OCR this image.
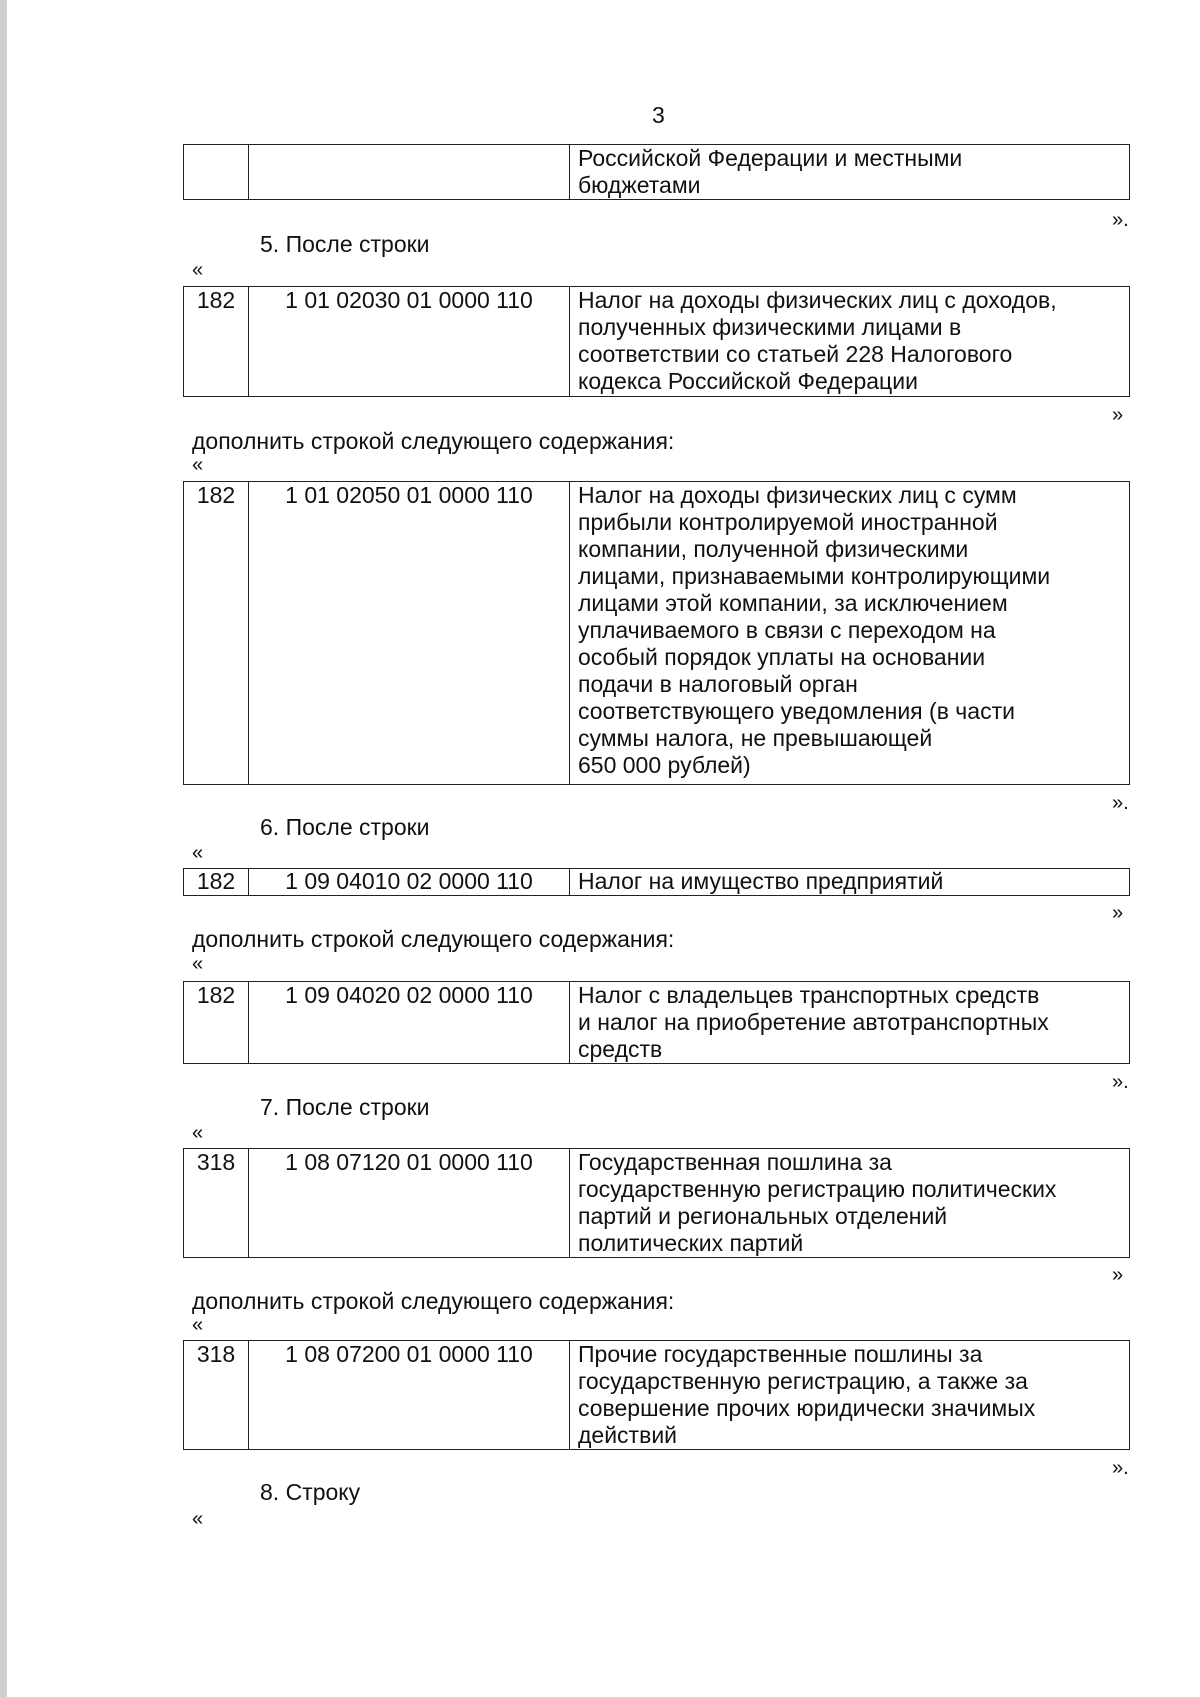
3
		Российской Федерации и местными
бюджетами
».
5. После строки
«
182	1 01 02030 01 0000 110	Налог на доходы физических лиц с доходов,
полученных физическими лицами в
соответствии со статьей 228 Налогового
кодекса Российской Федерации
»
дополнить строкой следующего содержания:
«
182	1 01 02050 01 0000 110	Налог на доходы физических лиц с сумм
прибыли контролируемой иностранной
компании, полученной физическими
лицами, признаваемыми контролирующими
лицами этой компании, за исключением
уплачиваемого в связи с переходом на
особый порядок уплаты на основании
подачи в налоговый орган
соответствующего уведомления (в части
суммы налога, не превышающей
650 000 рублей)
».
6. После строки
«
182	1 09 04010 02 0000 110	Налог на имущество предприятий
»
дополнить строкой следующего содержания:
«
182	1 09 04020 02 0000 110	Налог с владельцев транспортных средств
и налог на приобретение автотранспортных
средств
».
7. После строки
«
318	1 08 07120 01 0000 110	Государственная пошлина за
государственную регистрацию политических
партий и региональных отделений
политических партий
»
дополнить строкой следующего содержания:
«
318	1 08 07200 01 0000 110	Прочие государственные пошлины за
государственную регистрацию, а также за
совершение прочих юридически значимых
действий
».
8. Строку
«
